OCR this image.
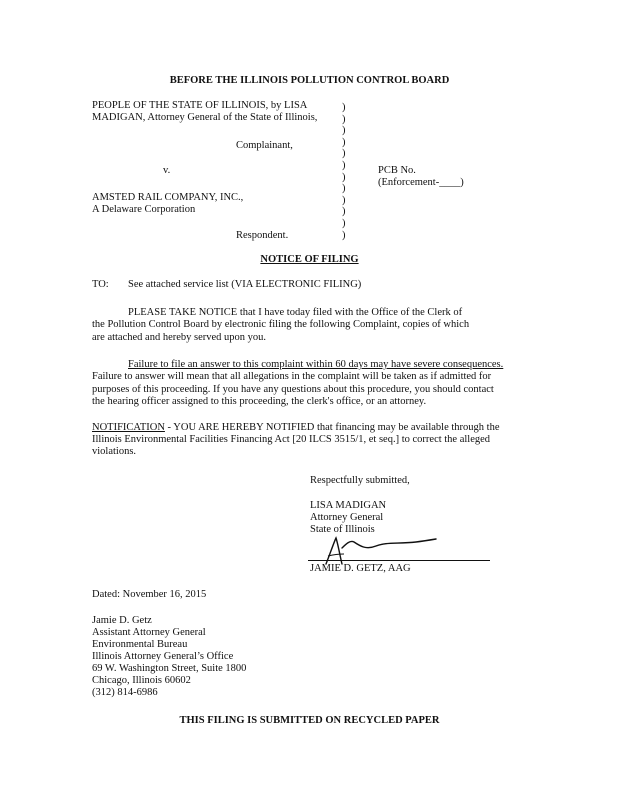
BEFORE THE ILLINOIS POLLUTION CONTROL BOARD
PEOPLE OF THE STATE OF ILLINOIS, by LISA
MADIGAN, Attorney General of the State of Illinois,
Complainant,
v.
AMSTED RAIL COMPANY, INC.,
A Delaware Corporation
Respondent.
)
)
)
)
)
)
)
)
)
)
)
)
PCB No.
(Enforcement-____)
NOTICE OF FILING
TO: See attached service list (VIA ELECTRONIC FILING)
PLEASE TAKE NOTICE that I have today filed with the Office of the Clerk of
the Pollution Control Board by electronic filing the following Complaint, copies of which
are attached and hereby served upon you.
Failure to file an answer to this complaint within 60 days may have severe consequences.
Failure to answer will mean that all allegations in the complaint will be taken as if admitted for
purposes of this proceeding. If you have any questions about this procedure, you should contact
the hearing officer assigned to this proceeding, the clerk's office, or an attorney.
NOTIFICATION - YOU ARE HEREBY NOTIFIED that financing may be available through the
Illinois Environmental Facilities Financing Act [20 ILCS 3515/1, et seq.] to correct the alleged
violations.
Respectfully submitted,
LISA MADIGAN
Attorney General
State of Illinois
JAMIE D. GETZ, AAG
Dated: November 16, 2015
Jamie D. Getz
Assistant Attorney General
Environmental Bureau
Illinois Attorney General’s Office
69 W. Washington Street, Suite 1800
Chicago, Illinois 60602
(312) 814-6986
THIS FILING IS SUBMITTED ON RECYCLED PAPER
